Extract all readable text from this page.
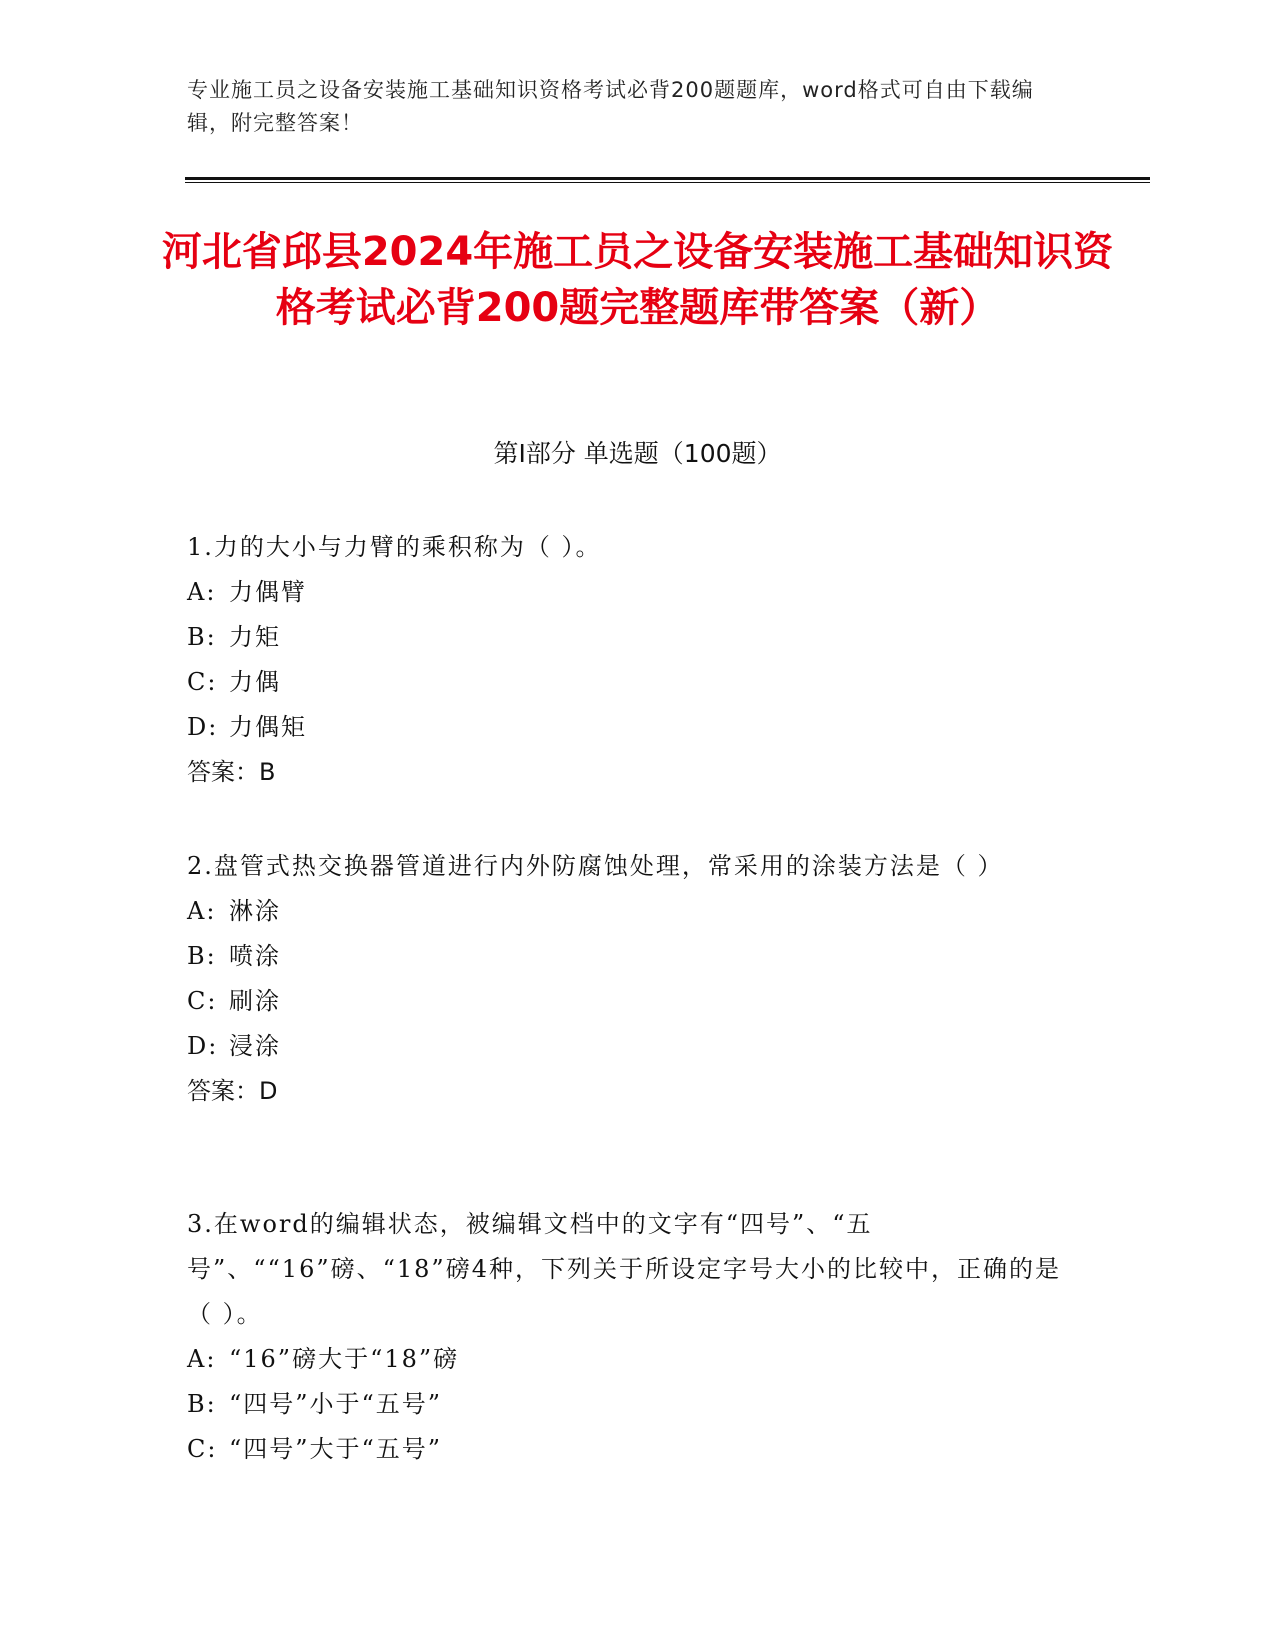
专业施工员之设备安装施工基础知识资格考试必背200题题库，word格式可自由下载编辑，附完整答案！
河北省邱县2024年施工员之设备安装施工基础知识资格考试必背200题完整题库带答案（新）
第I部分 单选题（100题）

1.力的大小与力臂的乘积称为（ ）。

A: 力偶臂

B: 力矩

C: 力偶

D: 力偶矩

答案：B

2.盘管式热交换器管道进行内外防腐蚀处理，常采用的涂装方法是（ ）

A: 淋涂

B: 喷涂

C: 刷涂

D: 浸涂

答案：D

3.在word的编辑状态，被编辑文档中的文字有“四号”、“五号”、““16”磅、“18”磅4种，下列关于所设定字号大小的比较中，正确的是（ ）。

A: “16”磅大于“18”磅

B: “四号”小于“五号”

C: “四号”大于“五号”
